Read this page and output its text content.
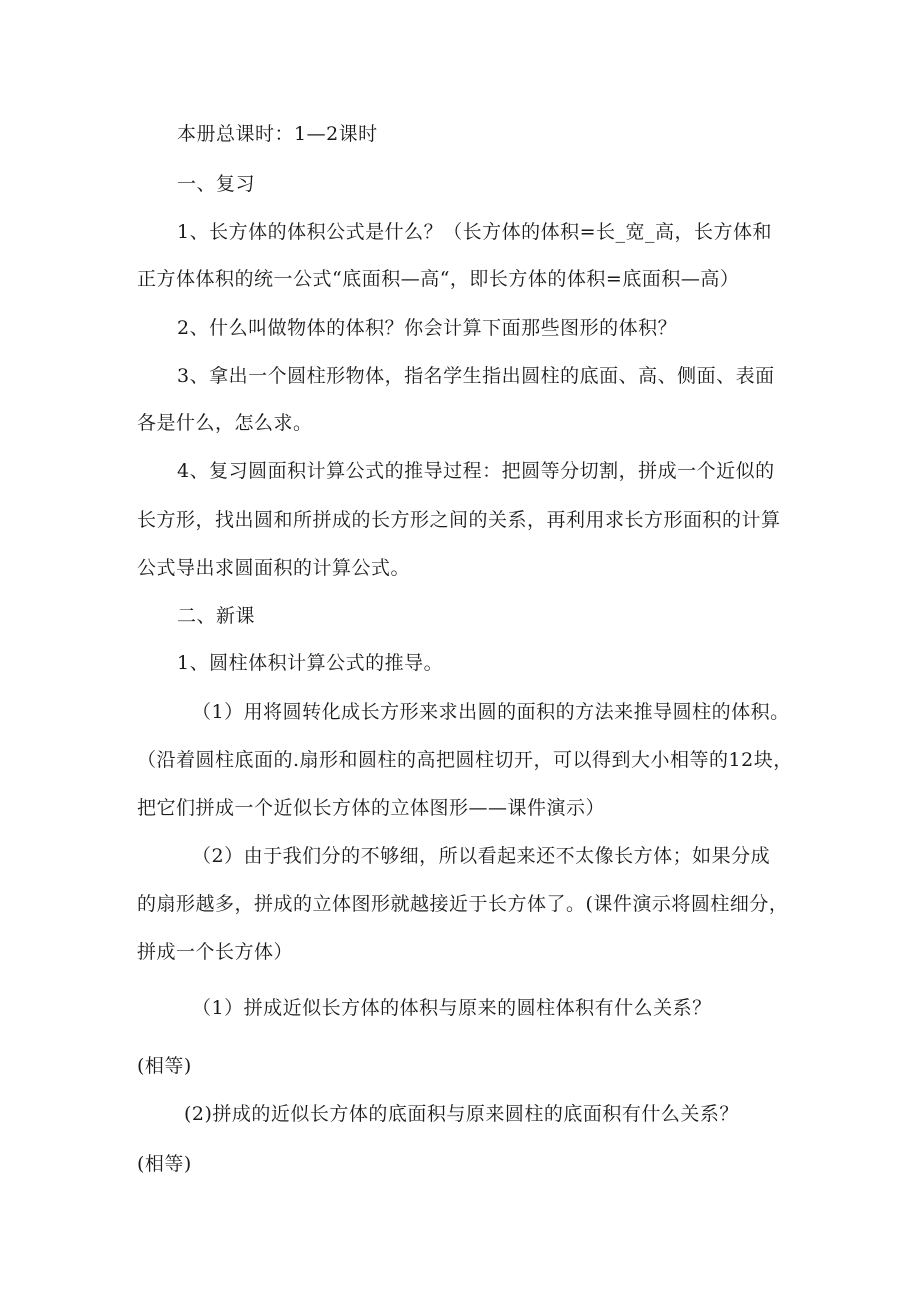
本册总课时：1—2课时

一、复习

1、长方体的体积公式是什么？（长方体的体积=长_宽_高，长方体和

正方体体积的统一公式“底面积—高“，即长方体的体积=底面积—高）

2、什么叫做物体的体积？你会计算下面那些图形的体积？

3、拿出一个圆柱形物体，指名学生指出圆柱的底面、高、侧面、表面

各是什么，怎么求。

4、复习圆面积计算公式的推导过程：把圆等分切割，拼成一个近似的

长方形，找出圆和所拼成的长方形之间的关系，再利用求长方形面积的计算

公式导出求圆面积的计算公式。

二、新课

1、圆柱体积计算公式的推导。

（1）用将圆转化成长方形来求出圆的面积的方法来推导圆柱的体积。

（沿着圆柱底面的.扇形和圆柱的高把圆柱切开，可以得到大小相等的12块，

把它们拼成一个近似长方体的立体图形——课件演示）

（2）由于我们分的不够细，所以看起来还不太像长方体；如果分成

的扇形越多，拼成的立体图形就越接近于长方体了。(课件演示将圆柱细分，

拼成一个长方体）

（1）拼成近似长方体的体积与原来的圆柱体积有什么关系？

(相等)

(2)拼成的近似长方体的底面积与原来圆柱的底面积有什么关系？

(相等)
